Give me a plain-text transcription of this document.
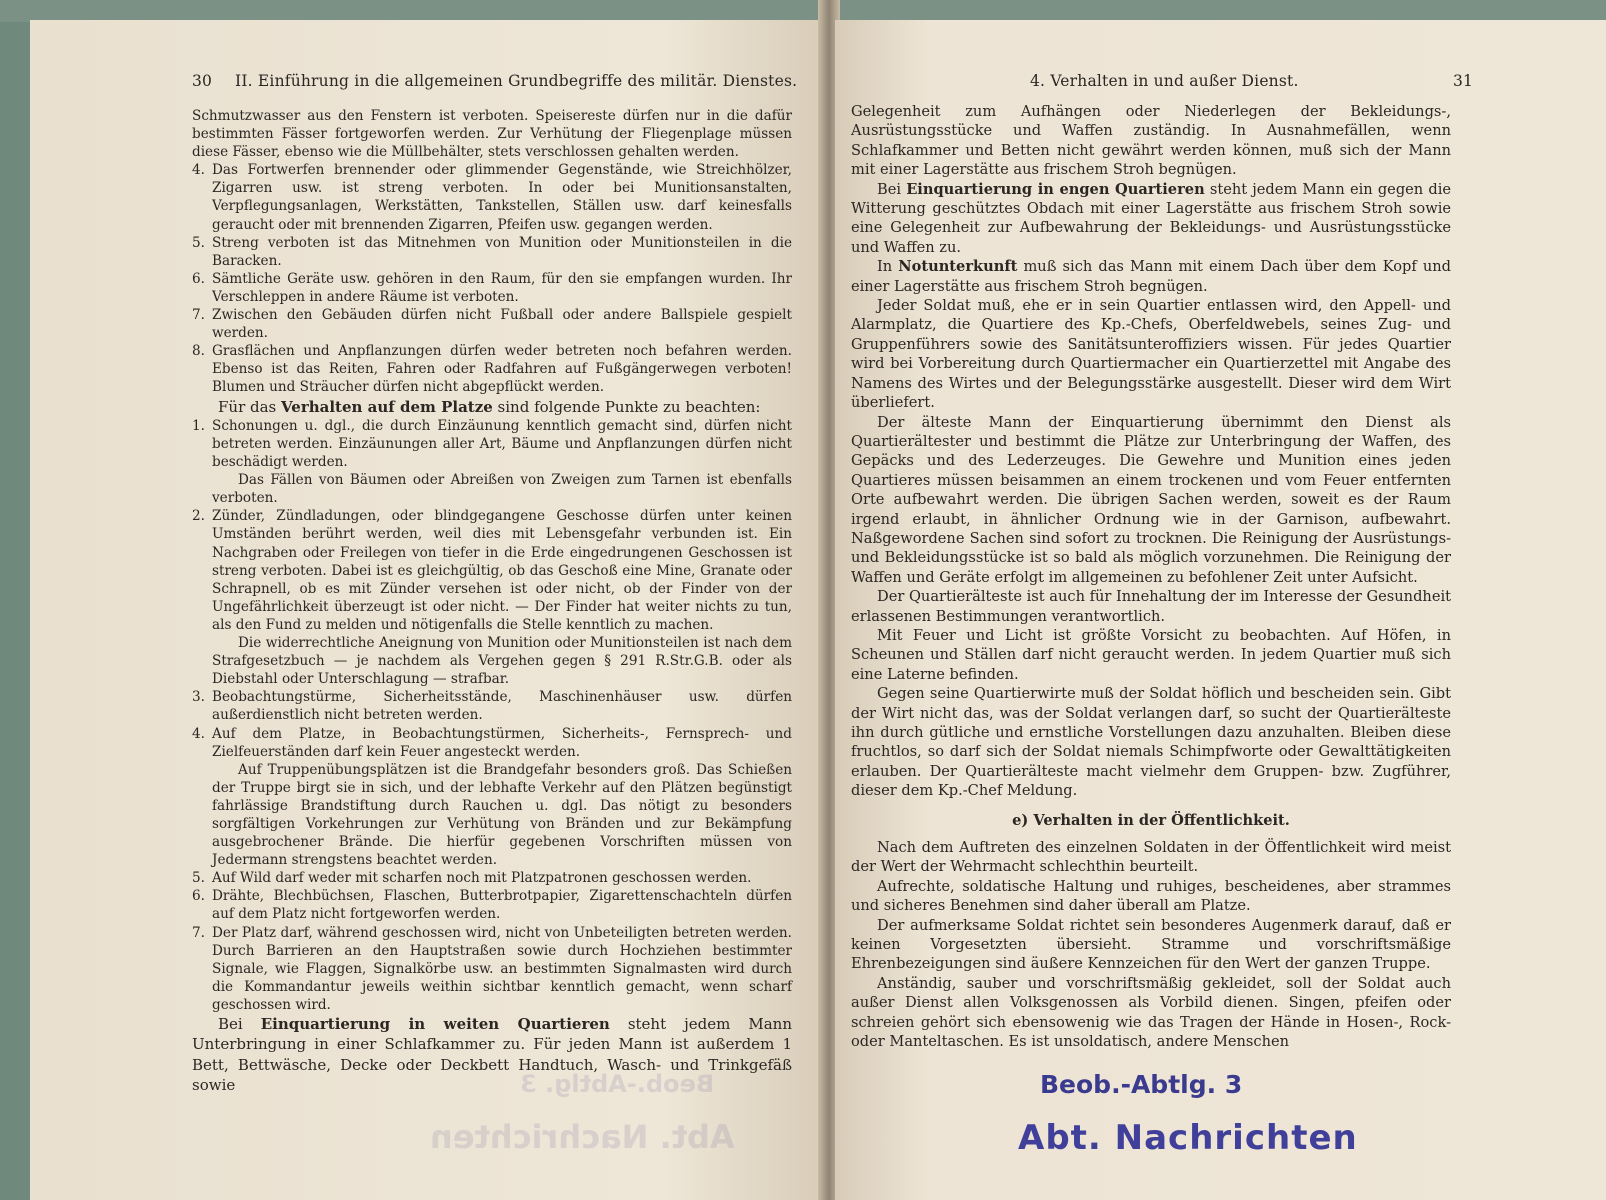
30 II. Einführung in die allgemeinen Grundbegriffe des militär. Dienstes.

Schmutzwasser aus den Fenstern ist verboten. Speisereste dürfen nur in die dafür bestimmten Fässer fortgeworfen werden. Zur Verhütung der Fliegenplage müssen diese Fässer, ebenso wie die Müllbehälter, stets verschlossen gehalten werden.

4. Das Fortwerfen brennender oder glimmender Gegenstände, wie Streichhölzer, Zigarren usw. ist streng verboten. In oder bei Munitionsanstalten, Verpflegungsanlagen, Werkstätten, Tankstellen, Ställen usw. darf keinesfalls geraucht oder mit brennenden Zigarren, Pfeifen usw. gegangen werden.
5. Streng verboten ist das Mitnehmen von Munition oder Munitionsteilen in die Baracken.
6. Sämtliche Geräte usw. gehören in den Raum, für den sie empfangen wurden. Ihr Verschleppen in andere Räume ist verboten.
7. Zwischen den Gebäuden dürfen nicht Fußball oder andere Ballspiele gespielt werden.
8. Grasflächen und Anpflanzungen dürfen weder betreten noch befahren werden. Ebenso ist das Reiten, Fahren oder Radfahren auf Fußgängerwegen verboten! Blumen und Sträucher dürfen nicht abgepflückt werden.

Für das Verhalten auf dem Platze sind folgende Punkte zu beachten:

1. Schonungen u. dgl., die durch Einzäunung kenntlich gemacht sind, dürfen nicht betreten werden. Einzäunungen aller Art, Bäume und Anpflanzungen dürfen nicht beschädigt werden.
Das Fällen von Bäumen oder Abreißen von Zweigen zum Tarnen ist ebenfalls verboten.
2. Zünder, Zündladungen, oder blindgegangene Geschosse dürfen unter keinen Umständen berührt werden, weil dies mit Lebensgefahr verbunden ist. Ein Nachgraben oder Freilegen von tiefer in die Erde eingedrungenen Geschossen ist streng verboten. Dabei ist es gleichgültig, ob das Geschoß eine Mine, Granate oder Schrapnell, ob es mit Zünder versehen ist oder nicht, ob der Finder von der Ungefährlichkeit überzeugt ist oder nicht. — Der Finder hat weiter nichts zu tun, als den Fund zu melden und nötigenfalls die Stelle kenntlich zu machen.
Die widerrechtliche Aneignung von Munition oder Munitionsteilen ist nach dem Strafgesetzbuch — je nachdem als Vergehen gegen § 291 R.Str.G.B. oder als Diebstahl oder Unterschlagung — strafbar.
3. Beobachtungstürme, Sicherheitsstände, Maschinenhäuser usw. dürfen außerdienstlich nicht betreten werden.
4. Auf dem Platze, in Beobachtungstürmen, Sicherheits-, Fernsprech- und Zielfeuerständen darf kein Feuer angesteckt werden.
Auf Truppenübungsplätzen ist die Brandgefahr besonders groß. Das Schießen der Truppe birgt sie in sich, und der lebhafte Verkehr auf den Plätzen begünstigt fahrlässige Brandstiftung durch Rauchen u. dgl. Das nötigt zu besonders sorgfältigen Vorkehrungen zur Verhütung von Bränden und zur Bekämpfung ausgebrochener Brände. Die hierfür gegebenen Vorschriften müssen von Jedermann strengstens beachtet werden.
5. Auf Wild darf weder mit scharfen noch mit Platzpatronen geschossen werden.
6. Drähte, Blechbüchsen, Flaschen, Butterbrotpapier, Zigarettenschachteln dürfen auf dem Platz nicht fortgeworfen werden.
7. Der Platz darf, während geschossen wird, nicht von Unbeteiligten betreten werden. Durch Barrieren an den Hauptstraßen sowie durch Hochziehen bestimmter Signale, wie Flaggen, Signalkörbe usw. an bestimmten Signalmasten wird durch die Kommandantur jeweils weithin sichtbar kenntlich gemacht, wenn scharf geschossen wird.

Bei Einquartierung in weiten Quartieren steht jedem Mann Unterbringung in einer Schlafkammer zu. Für jeden Mann ist außerdem 1 Bett, Bettwäsche, Decke oder Deckbett Handtuch, Wasch- und Trinkgefäß sowie

4. Verhalten in und außer Dienst.	31

Gelegenheit zum Aufhängen oder Niederlegen der Bekleidungs-, Ausrüstungsstücke und Waffen zuständig. In Ausnahmefällen, wenn Schlafkammer und Betten nicht gewährt werden können, muß sich der Mann mit einer Lagerstätte aus frischem Stroh begnügen.

Bei Einquartierung in engen Quartieren steht jedem Mann ein gegen die Witterung geschütztes Obdach mit einer Lagerstätte aus frischem Stroh sowie eine Gelegenheit zur Aufbewahrung der Bekleidungs- und Ausrüstungsstücke und Waffen zu.

In Notunterkunft muß sich das Mann mit einem Dach über dem Kopf und einer Lagerstätte aus frischem Stroh begnügen.

Jeder Soldat muß, ehe er in sein Quartier entlassen wird, den Appell- und Alarmplatz, die Quartiere des Kp.-Chefs, Oberfeldwebels, seines Zug- und Gruppenführers sowie des Sanitätsunteroffiziers wissen. Für jedes Quartier wird bei Vorbereitung durch Quartiermacher ein Quartierzettel mit Angabe des Namens des Wirtes und der Belegungsstärke ausgestellt. Dieser wird dem Wirt überliefert.

Der älteste Mann der Einquartierung übernimmt den Dienst als Quartierältester und bestimmt die Plätze zur Unterbringung der Waffen, des Gepäcks und des Lederzeuges. Die Gewehre und Munition eines jeden Quartieres müssen beisammen an einem trockenen und vom Feuer entfernten Orte aufbewahrt werden. Die übrigen Sachen werden, soweit es der Raum irgend erlaubt, in ähnlicher Ordnung wie in der Garnison, aufbewahrt. Naßgewordene Sachen sind sofort zu trocknen. Die Reinigung der Ausrüstungs- und Bekleidungsstücke ist so bald als möglich vorzunehmen. Die Reinigung der Waffen und Geräte erfolgt im allgemeinen zu befohlener Zeit unter Aufsicht.

Der Quartierälteste ist auch für Innehaltung der im Interesse der Gesundheit erlassenen Bestimmungen verantwortlich.

Mit Feuer und Licht ist größte Vorsicht zu beobachten. Auf Höfen, in Scheunen und Ställen darf nicht geraucht werden. In jedem Quartier muß sich eine Laterne befinden.

Gegen seine Quartierwirte muß der Soldat höflich und bescheiden sein. Gibt der Wirt nicht das, was der Soldat verlangen darf, so sucht der Quartierälteste ihn durch gütliche und ernstliche Vorstellungen dazu anzuhalten. Bleiben diese fruchtlos, so darf sich der Soldat niemals Schimpfworte oder Gewalttätigkeiten erlauben. Der Quartierälteste macht vielmehr dem Gruppen- bzw. Zugführer, dieser dem Kp.-Chef Meldung.

e) Verhalten in der Öffentlichkeit.

Nach dem Auftreten des einzelnen Soldaten in der Öffentlichkeit wird meist der Wert der Wehrmacht schlechthin beurteilt.

Aufrechte, soldatische Haltung und ruhiges, bescheidenes, aber strammes und sicheres Benehmen sind daher überall am Platze.

Der aufmerksame Soldat richtet sein besonderes Augenmerk darauf, daß er keinen Vorgesetzten übersieht. Stramme und vorschriftsmäßige Ehrenbezeigungen sind äußere Kennzeichen für den Wert der ganzen Truppe.

Anständig, sauber und vorschriftsmäßig gekleidet, soll der Soldat auch außer Dienst allen Volksgenossen als Vorbild dienen. Singen, pfeifen oder schreien gehört sich ebensowenig wie das Tragen der Hände in Hosen-, Rock- oder Manteltaschen. Es ist unsoldatisch, andere Menschen

Beob.-Abtlg. 3
Abt. Nachrichten
Beob.-Abtlg. 3
Abt. Nachrichten
